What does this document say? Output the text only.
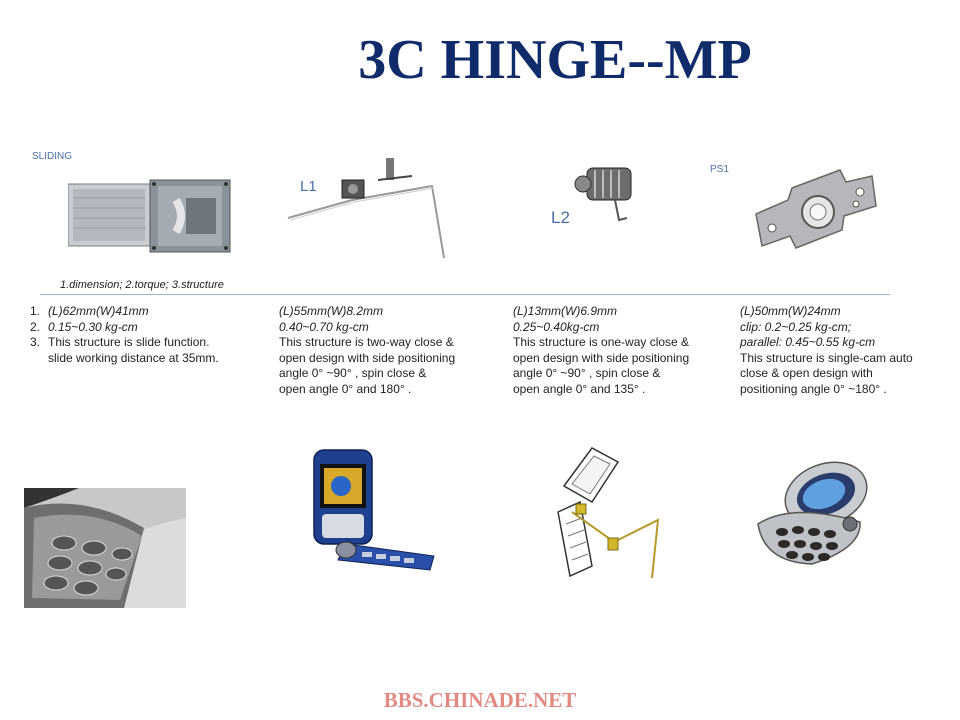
3C HINGE--MP
SLIDING
1.dimension; 2.torque; 3.structure
L1
L2
PS1
1. (L)62mm(W)41mm
2. 0.15~0.30 kg-cm
3. This structure is slide function.
slide working distance at 35mm.
(L)55mm(W)8.2mm
0.40~0.70 kg-cm
This structure is two-way close &
open design with side positioning
angle 0° ~90° , spin close &
open angle 0° and 180° .
(L)13mm(W)6.9mm
0.25~0.40kg-cm
This structure is one-way close &
open design with side positioning
angle 0° ~90° , spin close &
open angle 0° and 135° .
(L)50mm(W)24mm
clip: 0.2~0.25 kg-cm;
parallel: 0.45~0.55 kg-cm
This structure is single-cam auto
close & open design with
positioning angle 0° ~180° .
BBS.CHINADE.NET
